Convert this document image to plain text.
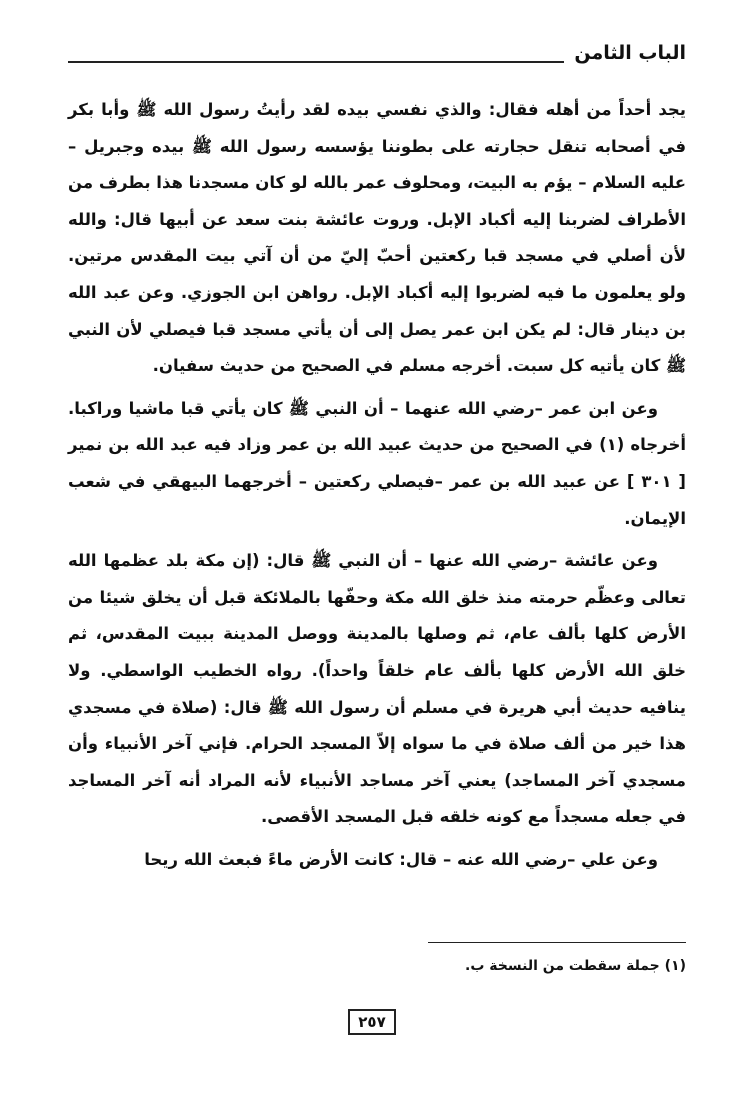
الباب الثامن

يجد أحداً من أهله فقال: والذي نفسي بيده لقد رأيتُ رسول الله ﷺ وأبا بكر في أصحابه تنقل حجارته على بطوننا يؤسسه رسول الله ﷺ بيده وجبريل –عليه السلام – يؤم به البيت، ومحلوف عمر بالله لو كان مسجدنا هذا بطرف من الأطراف لضربنا إليه أكباد الإبل. وروت عائشة بنت سعد عن أبيها قال: والله لأن أصلي في مسجد قبا ركعتين أحبّ إليّ من أن آتي بيت المقدس مرتين. ولو يعلمون ما فيه لضربوا إليه أكباد الإبل. رواهن ابن الجوزي. وعن عبد الله بن دينار قال: لم يكن ابن عمر يصل إلى أن يأتي مسجد قبا فيصلي لأن النبي ﷺ كان يأتيه كل سبت. أخرجه مسلم في الصحيح من حديث سفيان.

وعن ابن عمر –رضي الله عنهما – أن النبي ﷺ كان يأتي قبا ماشيا وراكبا. أخرجاه (١) في الصحيح من حديث عبيد الله بن عمر وزاد فيه عبد الله بن نمير [ ٣٠١ ] عن عبيد الله بن عمر –فيصلي ركعتين – أخرجهما البيهقي في شعب الإيمان.

وعن عائشة –رضي الله عنها – أن النبي ﷺ قال: (إن مكة بلد عظمها الله تعالى وعظّم حرمته منذ خلق الله مكة وحفّها بالملائكة قبل أن يخلق شيئا من الأرض كلها بألف عام، ثم وصلها بالمدينة ووصل المدينة ببيت المقدس، ثم خلق الله الأرض كلها بألف عام خلقاً واحداً). رواه الخطيب الواسطي. ولا ينافيه حديث أبي هريرة في مسلم أن رسول الله ﷺ قال: (صلاة في مسجدي هذا خير من ألف صلاة في ما سواه إلاّ المسجد الحرام. فإني آخر الأنبياء وأن مسجدي آخر المساجد) يعني آخر مساجد الأنبياء لأنه المراد أنه آخر المساجد في جعله مسجداً مع كونه خلقه قبل المسجد الأقصى.

وعن علي –رضي الله عنه – قال: كانت الأرض ماءً فبعث الله ريحا

(١) جملة سقطت من النسخة ب.
٢٥٧
